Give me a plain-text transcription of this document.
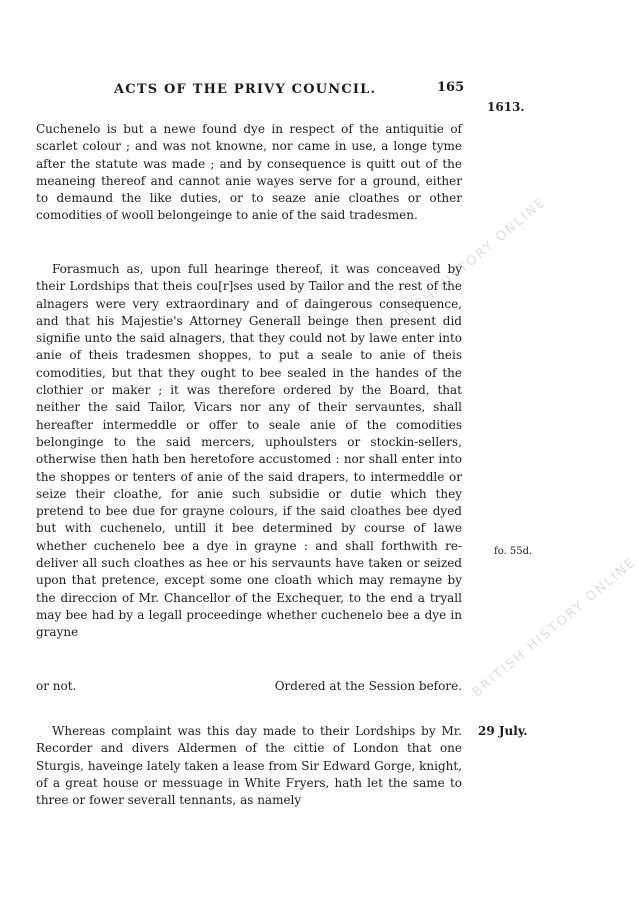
BRITISH HISTORY ONLINE
BRITISH HISTORY ONLINE
ACTS OF THE PRIVY COUNCIL.	165
1613.
Cuchenelo is but a newe found dye in respect of the antiquitie of scarlet colour ; and was not knowne, nor came in use, a longe tyme after the statute was made ; and by consequence is quitt out of the meaneing thereof and cannot anie wayes serve for a ground, either to demaund the like duties, or to seaze anie cloathes or other comodities of wooll belongeinge to anie of the said tradesmen.
Forasmuch as, upon full hearinge thereof, it was conceaved by their Lordships that theis cou[r]ses used by Tailor and the rest of the alnagers were very extraordinary and of daingerous consequence, and that his Majestie's Attorney Generall beinge then present did signifie unto the said alnagers, that they could not by lawe enter into anie of theis tradesmen shoppes, to put a seale to anie of theis comodities, but that they ought to bee sealed in the handes of the clothier or maker ; it was therefore ordered by the Board, that neither the said Tailor, Vicars nor any of their servauntes, shall hereafter intermeddle or offer to seale anie of the comodities belonginge to the said mercers, uphoulsters or stockin-sellers, otherwise then hath ben heretofore accustomed : nor shall enter into the shoppes or tenters of anie of the said drapers, to intermeddle or seize their cloathe, for anie such subsidie or dutie which they pretend to bee due for grayne colours, if the said cloathes bee dyed but with cuchenelo, untill it bee determined by course of lawe whether cuchenelo bee a dye in grayne : and shall forthwith re-deliver all such cloathes as hee or his servaunts have taken or seized upon that pretence, except some one cloath which may remayne by the direccion of Mr. Chancellor of the Exchequer, to the end a tryall may bee had by a legall proceedinge whether cuchenelo bee a dye in grayne
or not.	Ordered at the Session before.
fo. 55d.
Whereas complaint was this day made to their Lordships by Mr. Recorder and divers Aldermen of the cittie of London that one Sturgis, haveinge lately taken a lease from Sir Edward Gorge, knight, of a great house or messuage in White Fryers, hath let the same to three or fower severall tennants, as namely
29 July.
